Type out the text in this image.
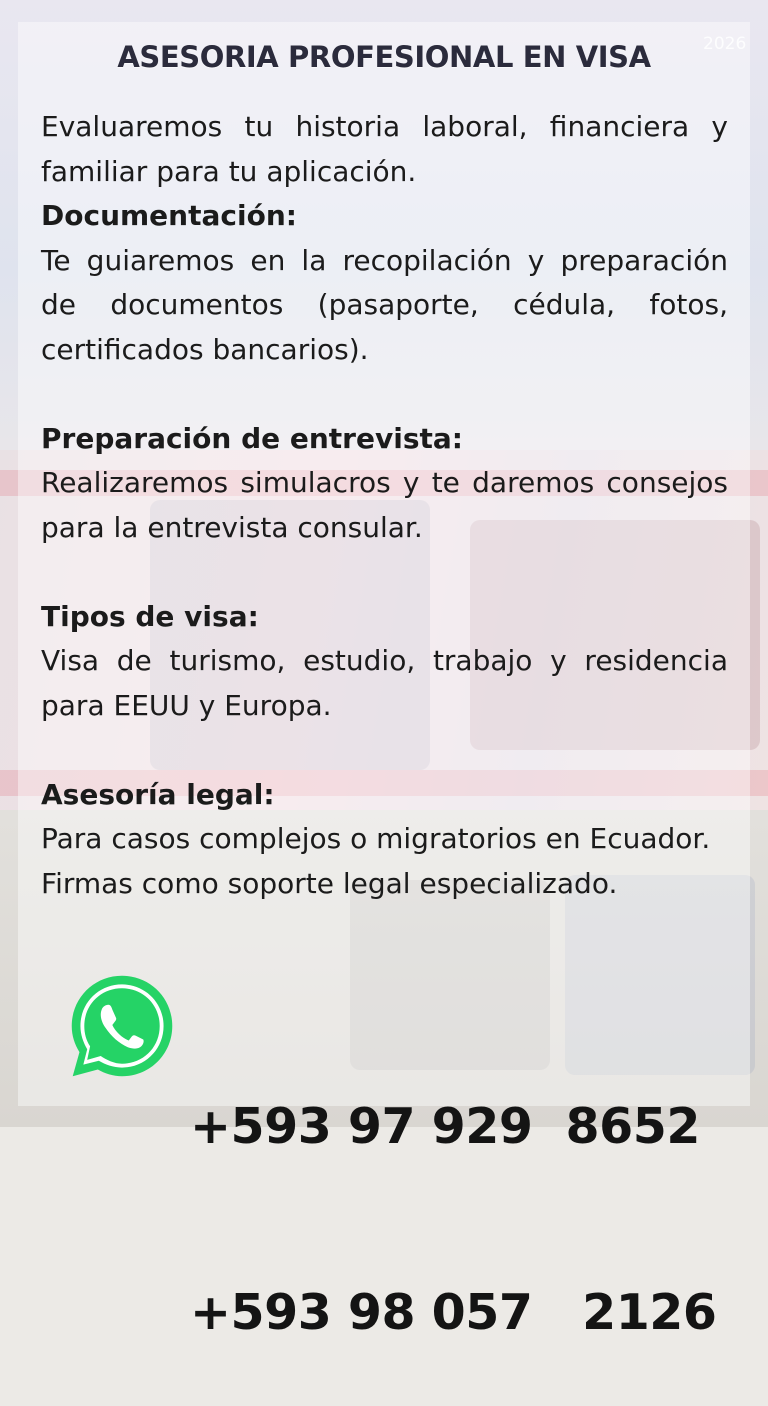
2026
ASESORIA PROFESIONAL EN VISA

Evaluaremos tu historia laboral, financiera y familiar para tu aplicación.

Documentación:

Te guiaremos en la recopilación y preparación de documentos (pasaporte, cédula, fotos, certificados bancarios).

Preparación de entrevista:

Realizaremos simulacros y te daremos consejos para la entrevista consular.

Tipos de visa:

Visa de turismo, estudio, trabajo y residencia para EEUU y Europa.

Asesoría legal:

Para casos complejos o migratorios en Ecuador.

Firmas como soporte legal especializado.

+593 97 929  8652

+593 98 057   2126
